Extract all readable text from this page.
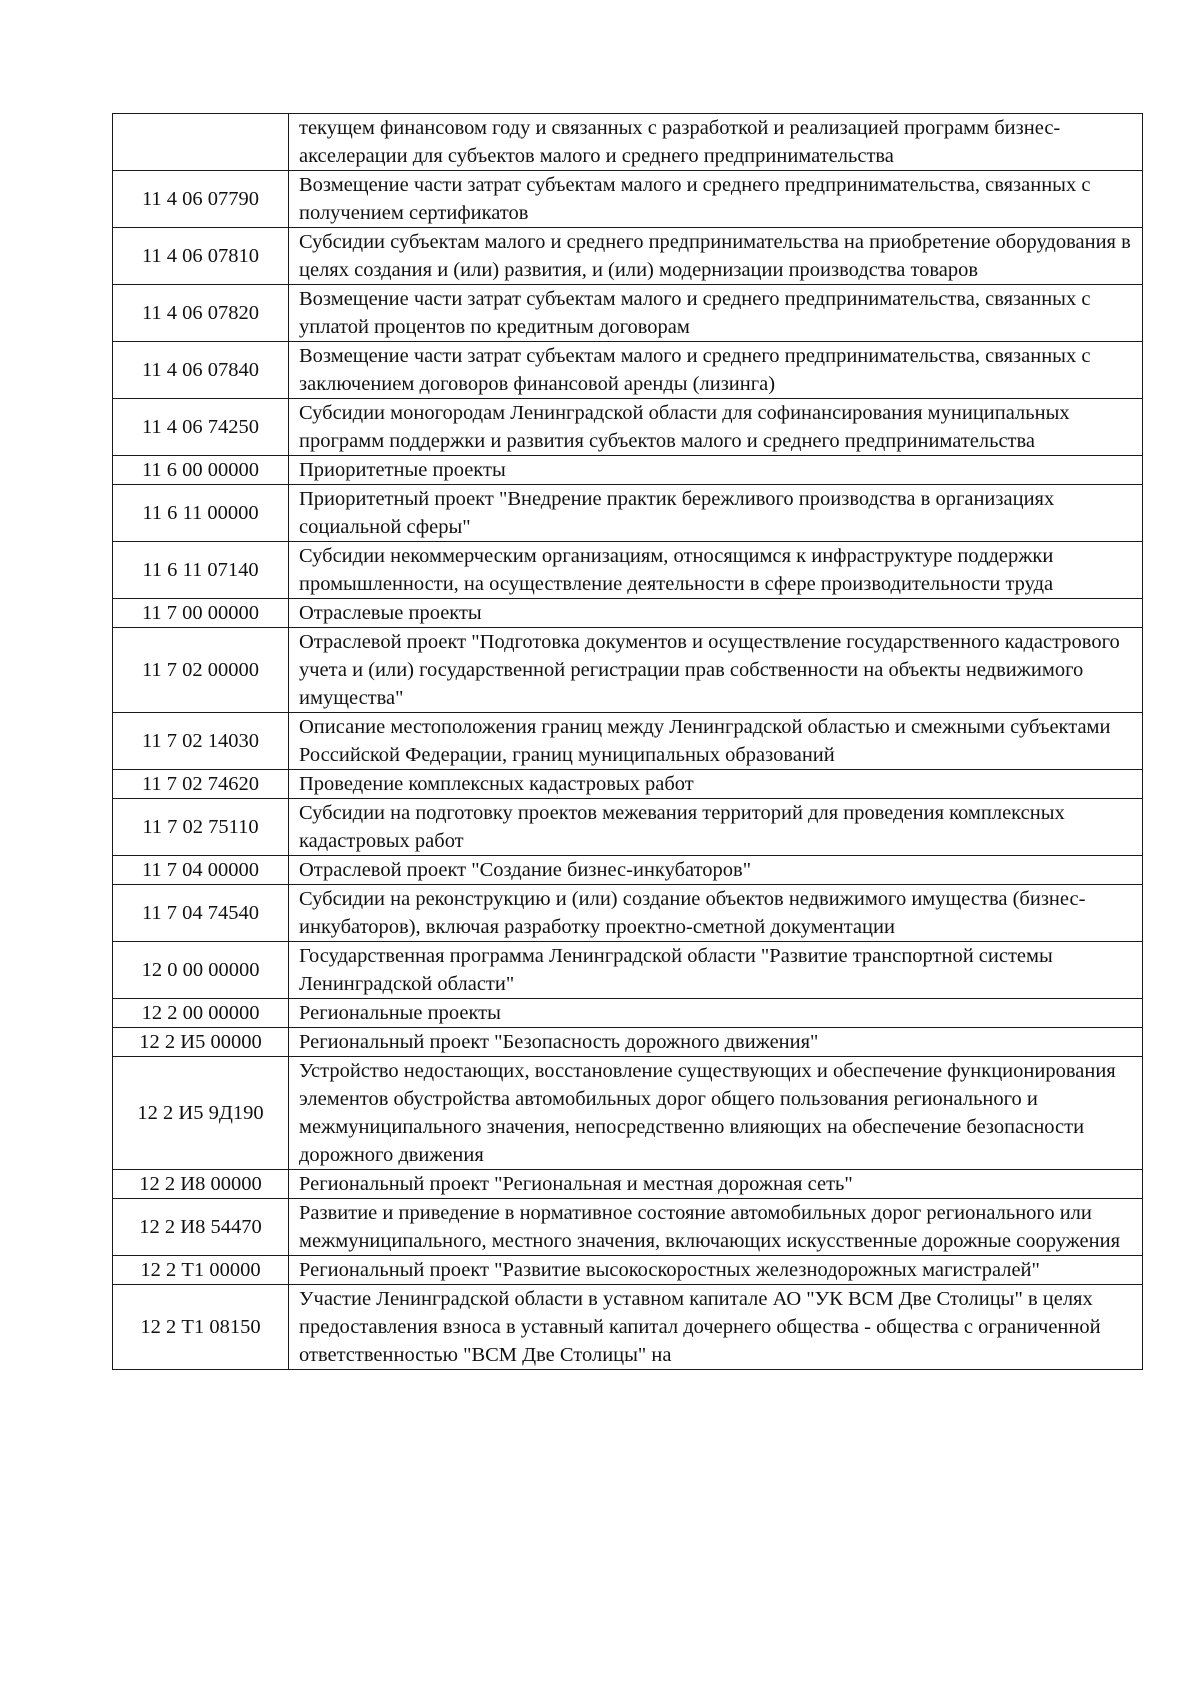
	текущем финансовом году и связанных с разработкой и реализацией программ бизнес-акселерации для субъектов малого и среднего предпринимательства
11 4 06 07790	Возмещение части затрат субъектам малого и среднего предпринимательства, связанных с получением сертификатов
11 4 06 07810	Субсидии субъектам малого и среднего предпринимательства на приобретение оборудования в целях создания и (или) развития, и (или) модернизации производства товаров
11 4 06 07820	Возмещение части затрат субъектам малого и среднего предпринимательства, связанных с уплатой процентов по кредитным договорам
11 4 06 07840	Возмещение части затрат субъектам малого и среднего предпринимательства, связанных с заключением договоров финансовой аренды (лизинга)
11 4 06 74250	Субсидии моногородам Ленинградской области для софинансирования муниципальных программ поддержки и развития субъектов малого и среднего предпринимательства
11 6 00 00000	Приоритетные проекты
11 6 11 00000	Приоритетный проект "Внедрение практик бережливого производства в организациях социальной сферы"
11 6 11 07140	Субсидии некоммерческим организациям, относящимся к инфраструктуре поддержки промышленности, на осуществление деятельности в сфере производительности труда
11 7 00 00000	Отраслевые проекты
11 7 02 00000	Отраслевой проект "Подготовка документов и осуществление государственного кадастрового учета и (или) государственной регистрации прав собственности на объекты недвижимого имущества"
11 7 02 14030	Описание местоположения границ между Ленинградской областью и смежными субъектами Российской Федерации, границ муниципальных образований
11 7 02 74620	Проведение комплексных кадастровых работ
11 7 02 75110	Субсидии на подготовку проектов межевания территорий для проведения комплексных кадастровых работ
11 7 04 00000	Отраслевой проект "Создание бизнес-инкубаторов"
11 7 04 74540	Субсидии на реконструкцию и (или) создание объектов недвижимого имущества (бизнес-инкубаторов), включая разработку проектно-сметной документации
12 0 00 00000	Государственная программа Ленинградской области "Развитие транспортной системы Ленинградской области"
12 2 00 00000	Региональные проекты
12 2 И5 00000	Региональный проект "Безопасность дорожного движения"
12 2 И5 9Д190	Устройство недостающих, восстановление существующих и обеспечение функционирования элементов обустройства автомобильных дорог общего пользования регионального и межмуниципального значения, непосредственно влияющих на обеспечение безопасности дорожного движения
12 2 И8 00000	Региональный проект "Региональная и местная дорожная сеть"
12 2 И8 54470	Развитие и приведение в нормативное состояние автомобильных дорог регионального или межмуниципального, местного значения, включающих искусственные дорожные сооружения
12 2 Т1 00000	Региональный проект "Развитие высокоскоростных железнодорожных магистралей"
12 2 Т1 08150	Участие Ленинградской области в уставном капитале АО "УК ВСМ Две Столицы" в целях предоставления взноса в уставный капитал дочернего общества - общества с ограниченной ответственностью "ВСМ Две Столицы" на
